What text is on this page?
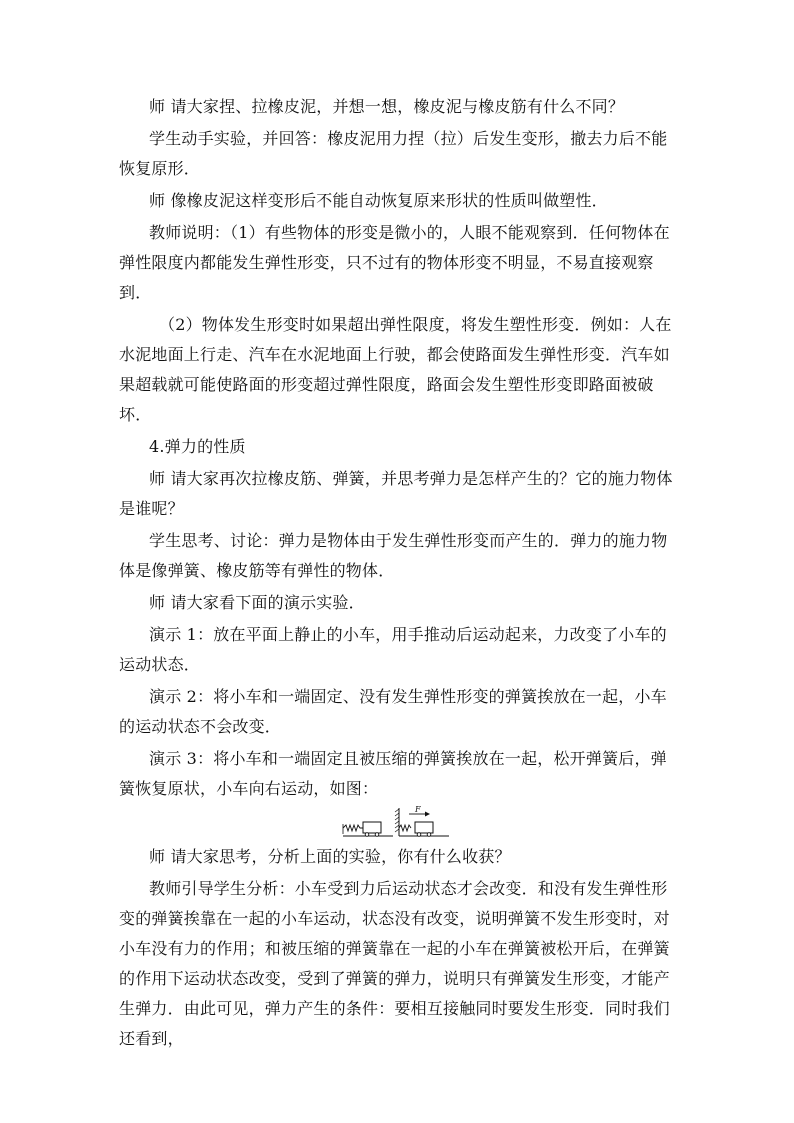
师 请大家捏、拉橡皮泥，并想一想，橡皮泥与橡皮筋有什么不同？

学生动手实验，并回答：橡皮泥用力捏（拉）后发生变形，撤去力后不能恢复原形．

师 像橡皮泥这样变形后不能自动恢复原来形状的性质叫做塑性．

教师说明：（1）有些物体的形变是微小的，人眼不能观察到．任何物体在弹性限度内都能发生弹性形变，只不过有的物体形变不明显，不易直接观察到．

（2）物体发生形变时如果超出弹性限度，将发生塑性形变．例如：人在水泥地面上行走、汽车在水泥地面上行驶，都会使路面发生弹性形变．汽车如果超载就可能使路面的形变超过弹性限度，路面会发生塑性形变即路面被破坏．

4.弹力的性质

师 请大家再次拉橡皮筋、弹簧，并思考弹力是怎样产生的？它的施力物体是谁呢？

学生思考、讨论：弹力是物体由于发生弹性形变而产生的．弹力的施力物体是像弹簧、橡皮筋等有弹性的物体．

师 请大家看下面的演示实验．

演示 1：放在平面上静止的小车，用手推动后运动起来，力改变了小车的运动状态．

演示 2：将小车和一端固定、没有发生弹性形变的弹簧挨放在一起，小车的运动状态不会改变．

演示 3：将小车和一端固定且被压缩的弹簧挨放在一起，松开弹簧后，弹簧恢复原状，小车向右运动，如图：

F

师 请大家思考，分析上面的实验，你有什么收获？

教师引导学生分析：小车受到力后运动状态才会改变．和没有发生弹性形变的弹簧挨靠在一起的小车运动，状态没有改变，说明弹簧不发生形变时，对小车没有力的作用；和被压缩的弹簧靠在一起的小车在弹簧被松开后，在弹簧的作用下运动状态改变，受到了弹簧的弹力，说明只有弹簧发生形变，才能产生弹力．由此可见，弹力产生的条件：要相互接触同时要发生形变．同时我们还看到，
